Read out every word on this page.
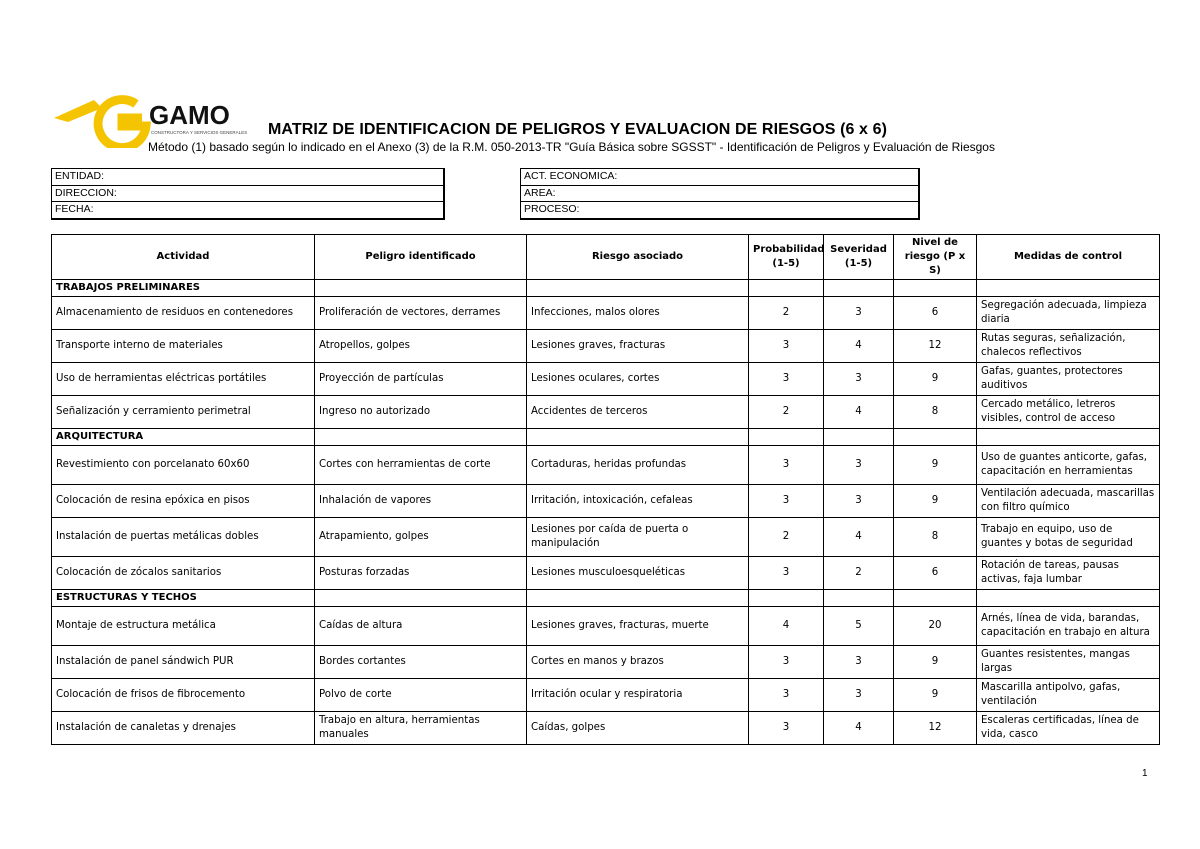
GAMO
CONSTRUCTORA Y SERVICIOS GENERALES MATRIZ DE IDENTIFICACION DE PELIGROS Y EVALUACION DE RIESGOS (6 x 6)
Método (1) basado según lo indicado en el Anexo (3) de la R.M. 050-2013-TR "Guía Básica sobre SGSST" - Identificación de Peligros y Evaluación de Riesgos
ENTIDAD:
DIRECCION:
FECHA:
ACT. ECONOMICA:
AREA:
PROCESO:
Actividad	Peligro identificado	Riesgo asociado	Probabilidad (1-5)	Severidad (1-5)	Nivel de riesgo (P x S)	Medidas de control
TRABAJOS PRELIMINARES						
Almacenamiento de residuos en contenedores	Proliferación de vectores, derrames	Infecciones, malos olores	2	3	6	Segregación adecuada, limpieza diaria
Transporte interno de materiales	Atropellos, golpes	Lesiones graves, fracturas	3	4	12	Rutas seguras, señalización, chalecos reflectivos
Uso de herramientas eléctricas portátiles	Proyección de partículas	Lesiones oculares, cortes	3	3	9	Gafas, guantes, protectores auditivos
Señalización y cerramiento perimetral	Ingreso no autorizado	Accidentes de terceros	2	4	8	Cercado metálico, letreros visibles, control de acceso
ARQUITECTURA						
Revestimiento con porcelanato 60x60	Cortes con herramientas de corte	Cortaduras, heridas profundas	3	3	9	Uso de guantes anticorte, gafas, capacitación en herramientas
Colocación de resina epóxica en pisos	Inhalación de vapores	Irritación, intoxicación, cefaleas	3	3	9	Ventilación adecuada, mascarillas con filtro químico
Instalación de puertas metálicas dobles	Atrapamiento, golpes	Lesiones por caída de puerta o manipulación	2	4	8	Trabajo en equipo, uso de guantes y botas de seguridad
Colocación de zócalos sanitarios	Posturas forzadas	Lesiones musculoesqueléticas	3	2	6	Rotación de tareas, pausas activas, faja lumbar
ESTRUCTURAS Y TECHOS						
Montaje de estructura metálica	Caídas de altura	Lesiones graves, fracturas, muerte	4	5	20	Arnés, línea de vida, barandas, capacitación en trabajo en altura
Instalación de panel sándwich PUR	Bordes cortantes	Cortes en manos y brazos	3	3	9	Guantes resistentes, mangas largas
Colocación de frisos de fibrocemento	Polvo de corte	Irritación ocular y respiratoria	3	3	9	Mascarilla antipolvo, gafas, ventilación
Instalación de canaletas y drenajes	Trabajo en altura, herramientas manuales	Caídas, golpes	3	4	12	Escaleras certificadas, línea de vida, casco
1
